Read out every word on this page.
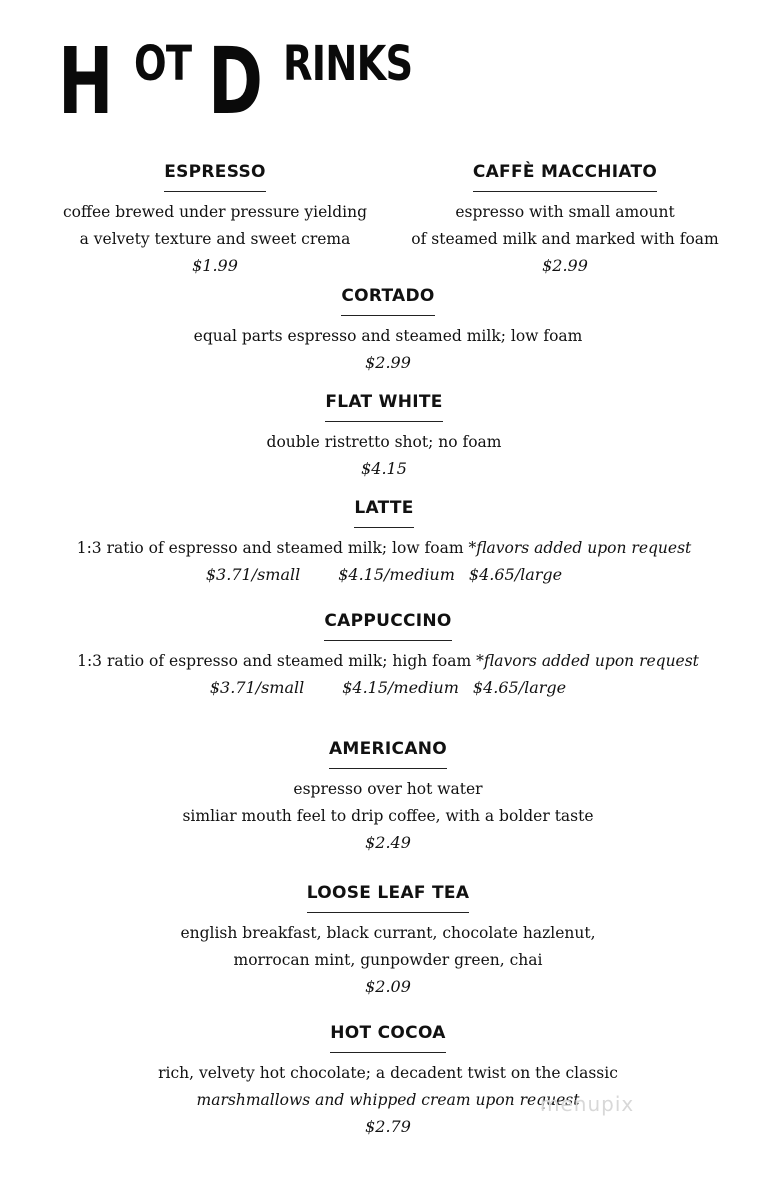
H OT D RINKS
ESPRESSO
coffee brewed under pressure yielding
a velvety texture and sweet crema
$1.99
CAFFÈ MACCHIATO
espresso with small amount
of steamed milk and marked with foam
$2.99
CORTADO
equal parts espresso and steamed milk; low foam
$2.99
FLAT WHITE
double ristretto shot; no foam
$4.15
LATTE
1:3 ratio of espresso and steamed milk; low foam *flavors added upon request
$3.71/small $4.15/medium $4.65/large
CAPPUCCINO
1:3 ratio of espresso and steamed milk; high foam *flavors added upon request
$3.71/small $4.15/medium $4.65/large
AMERICANO
espresso over hot water
simliar mouth feel to drip coffee, with a bolder taste
$2.49
LOOSE LEAF TEA
english breakfast, black currant, chocolate hazlenut,
morrocan mint, gunpowder green, chai
$2.09
HOT COCOA
rich, velvety hot chocolate; a decadent twist on the classic
marshmallows and whipped cream upon request
$2.79
menupix
